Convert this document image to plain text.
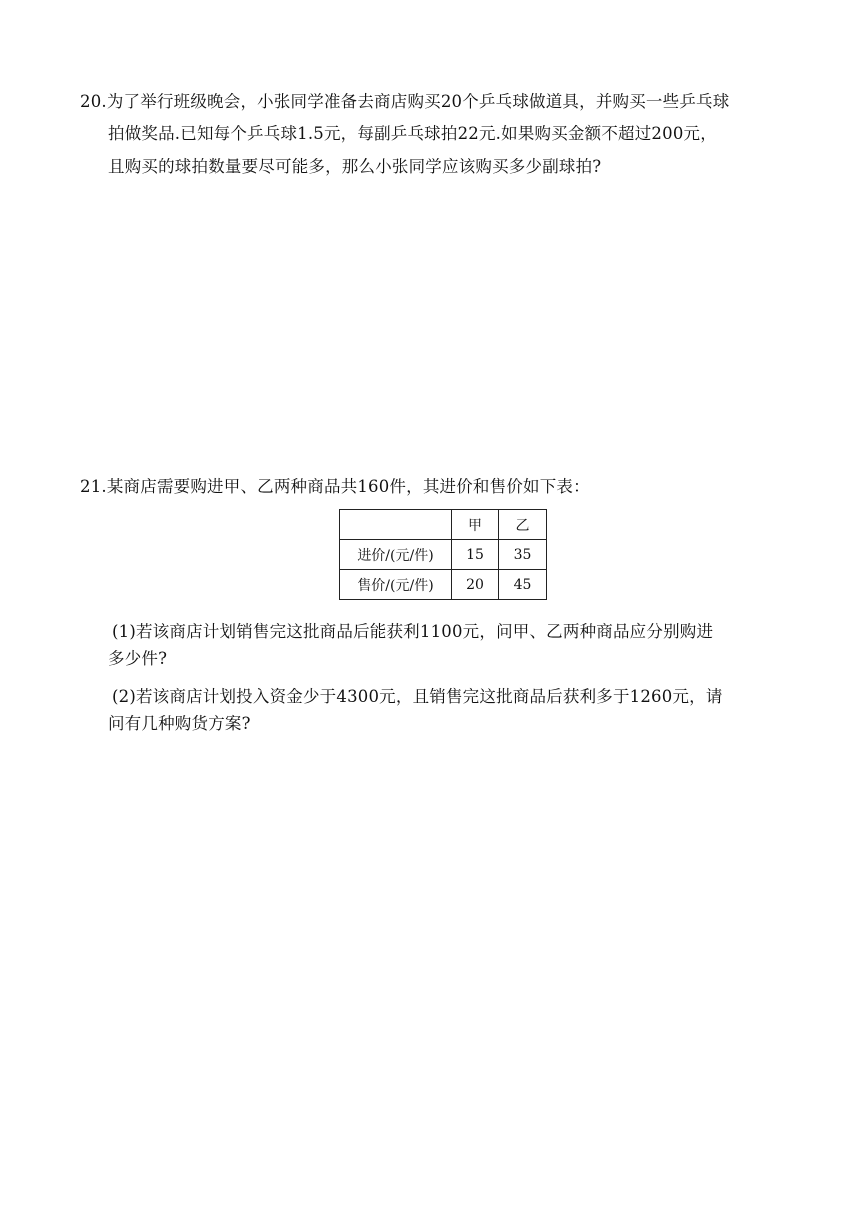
20.为了举行班级晚会，小张同学准备去商店购买20个乒乓球做道具，并购买一些乒乓球
拍做奖品.已知每个乒乓球1.5元，每副乒乓球拍22元.如果购买金额不超过200元，
且购买的球拍数量要尽可能多，那么小张同学应该购买多少副球拍?
21.某商店需要购进甲、乙两种商品共160件，其进价和售价如下表：
	甲	乙
进价/(元/件)	15	35
售价/(元/件)	20	45
(1)若该商店计划销售完这批商品后能获利1100元，问甲、乙两种商品应分别购进
多少件?
(2)若该商店计划投入资金少于4300元，且销售完这批商品后获利多于1260元，请
问有几种购货方案?
